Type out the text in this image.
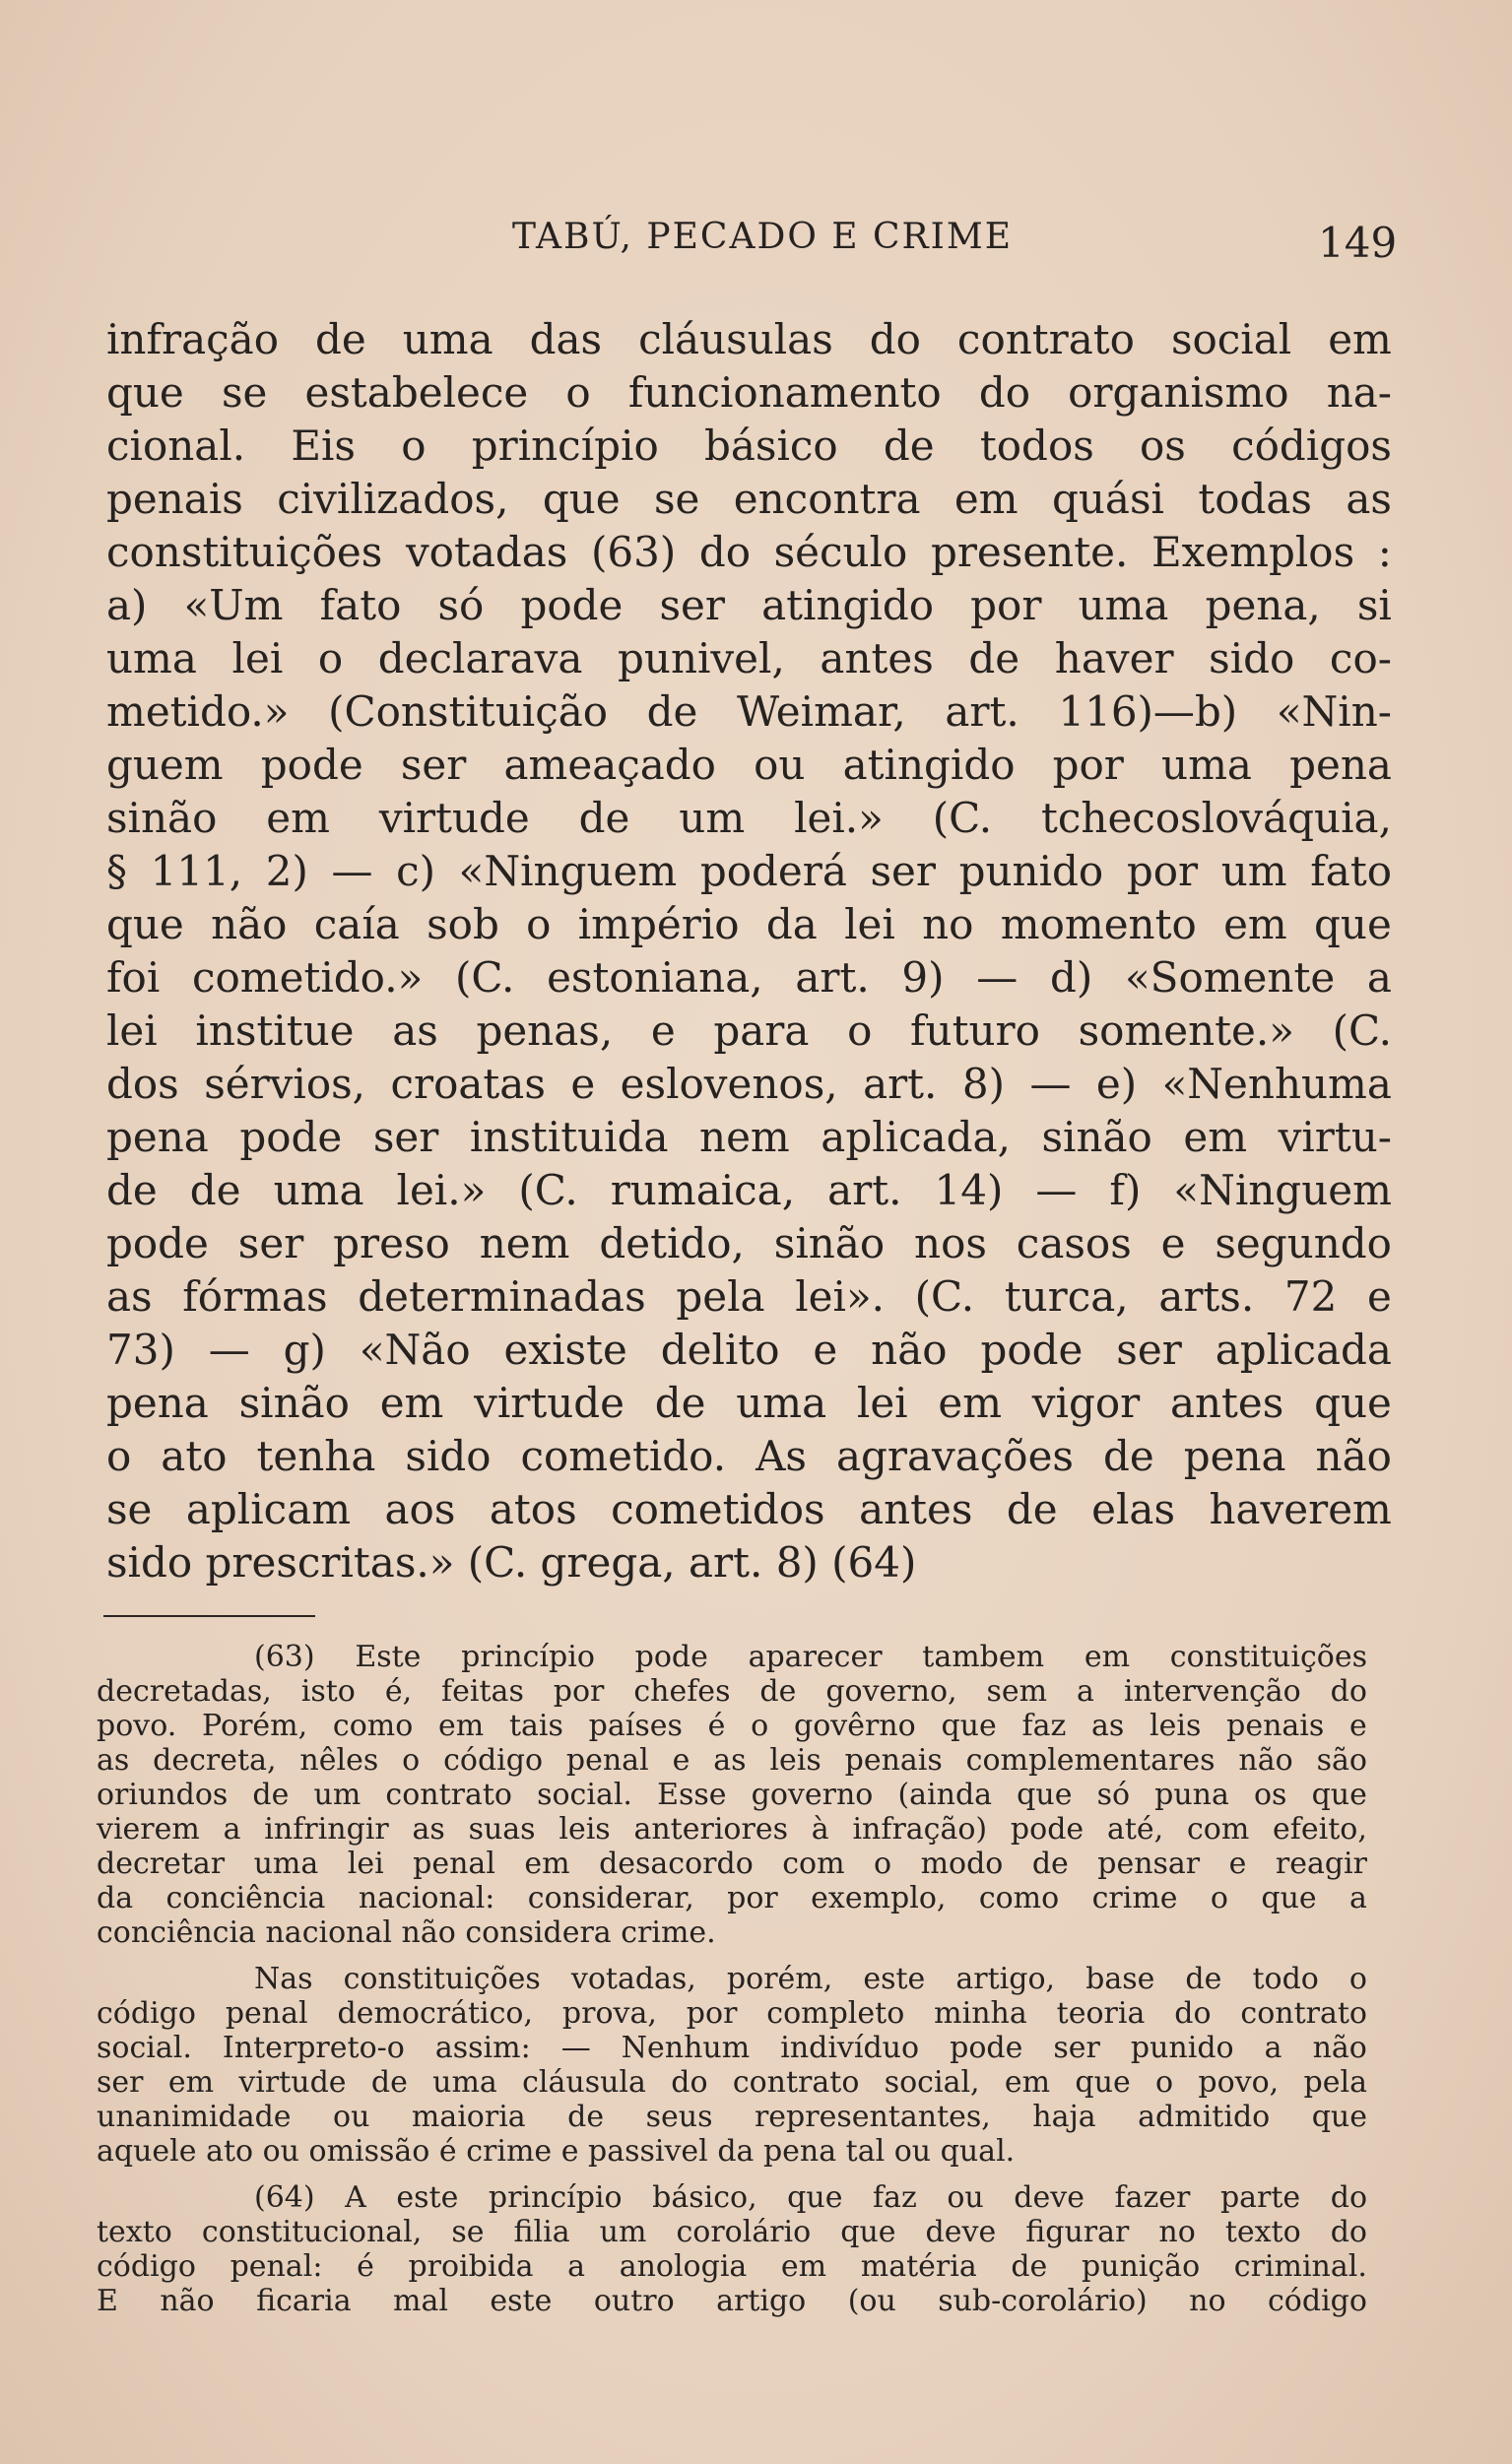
TABÚ, PECADO E CRIME	149
infração de uma das cláusulas do contrato social em
que se estabelece o funcionamento do organismo na-
cional. Eis o princípio básico de todos os códigos
penais civilizados, que se encontra em quási todas as
constituições votadas (63) do século presente. Exemplos :
a) «Um fato só pode ser atingido por uma pena, si
uma lei o declarava punivel, antes de haver sido co-
metido.» (Constituição de Weimar, art. 116)—b) «Nin-
guem pode ser ameaçado ou atingido por uma pena
sinão em virtude de um lei.» (C. tchecoslováquia,
§ 111, 2) — c) «Ninguem poderá ser punido por um fato
que não caía sob o império da lei no momento em que
foi cometido.» (C. estoniana, art. 9) — d) «Somente a
lei institue as penas, e para o futuro somente.» (C.
dos sérvios, croatas e eslovenos, art. 8) — e) «Nenhuma
pena pode ser instituida nem aplicada, sinão em virtu-
de de uma lei.» (C. rumaica, art. 14) — f) «Ninguem
pode ser preso nem detido, sinão nos casos e segundo
as fórmas determinadas pela lei». (C. turca, arts. 72 e
73) — g) «Não existe delito e não pode ser aplicada
pena sinão em virtude de uma lei em vigor antes que
o ato tenha sido cometido. As agravações de pena não
se aplicam aos atos cometidos antes de elas haverem
sido prescritas.» (C. grega, art. 8) (64)
(63) Este princípio pode aparecer tambem em constituições
decretadas, isto é, feitas por chefes de governo, sem a intervenção do
povo. Porém, como em tais países é o govêrno que faz as leis penais e
as decreta, nêles o código penal e as leis penais complementares não são
oriundos de um contrato social. Esse governo (ainda que só puna os que
vierem a infringir as suas leis anteriores à infração) pode até, com efeito,
decretar uma lei penal em desacordo com o modo de pensar e reagir
da conciência nacional: considerar, por exemplo, como crime o que a
conciência nacional não considera crime.
Nas constituições votadas, porém, este artigo, base de todo o
código penal democrático, prova, por completo minha teoria do contrato
social. Interpreto-o assim: — Nenhum indivíduo pode ser punido a não
ser em virtude de uma cláusula do contrato social, em que o povo, pela
unanimidade ou maioria de seus representantes, haja admitido que
aquele ato ou omissão é crime e passivel da pena tal ou qual.
(64) A este princípio básico, que faz ou deve fazer parte do
texto constitucional, se filia um corolário que deve figurar no texto do
código penal: é proibida a anologia em matéria de punição criminal.
E não ficaria mal este outro artigo (ou sub-corolário) no código
